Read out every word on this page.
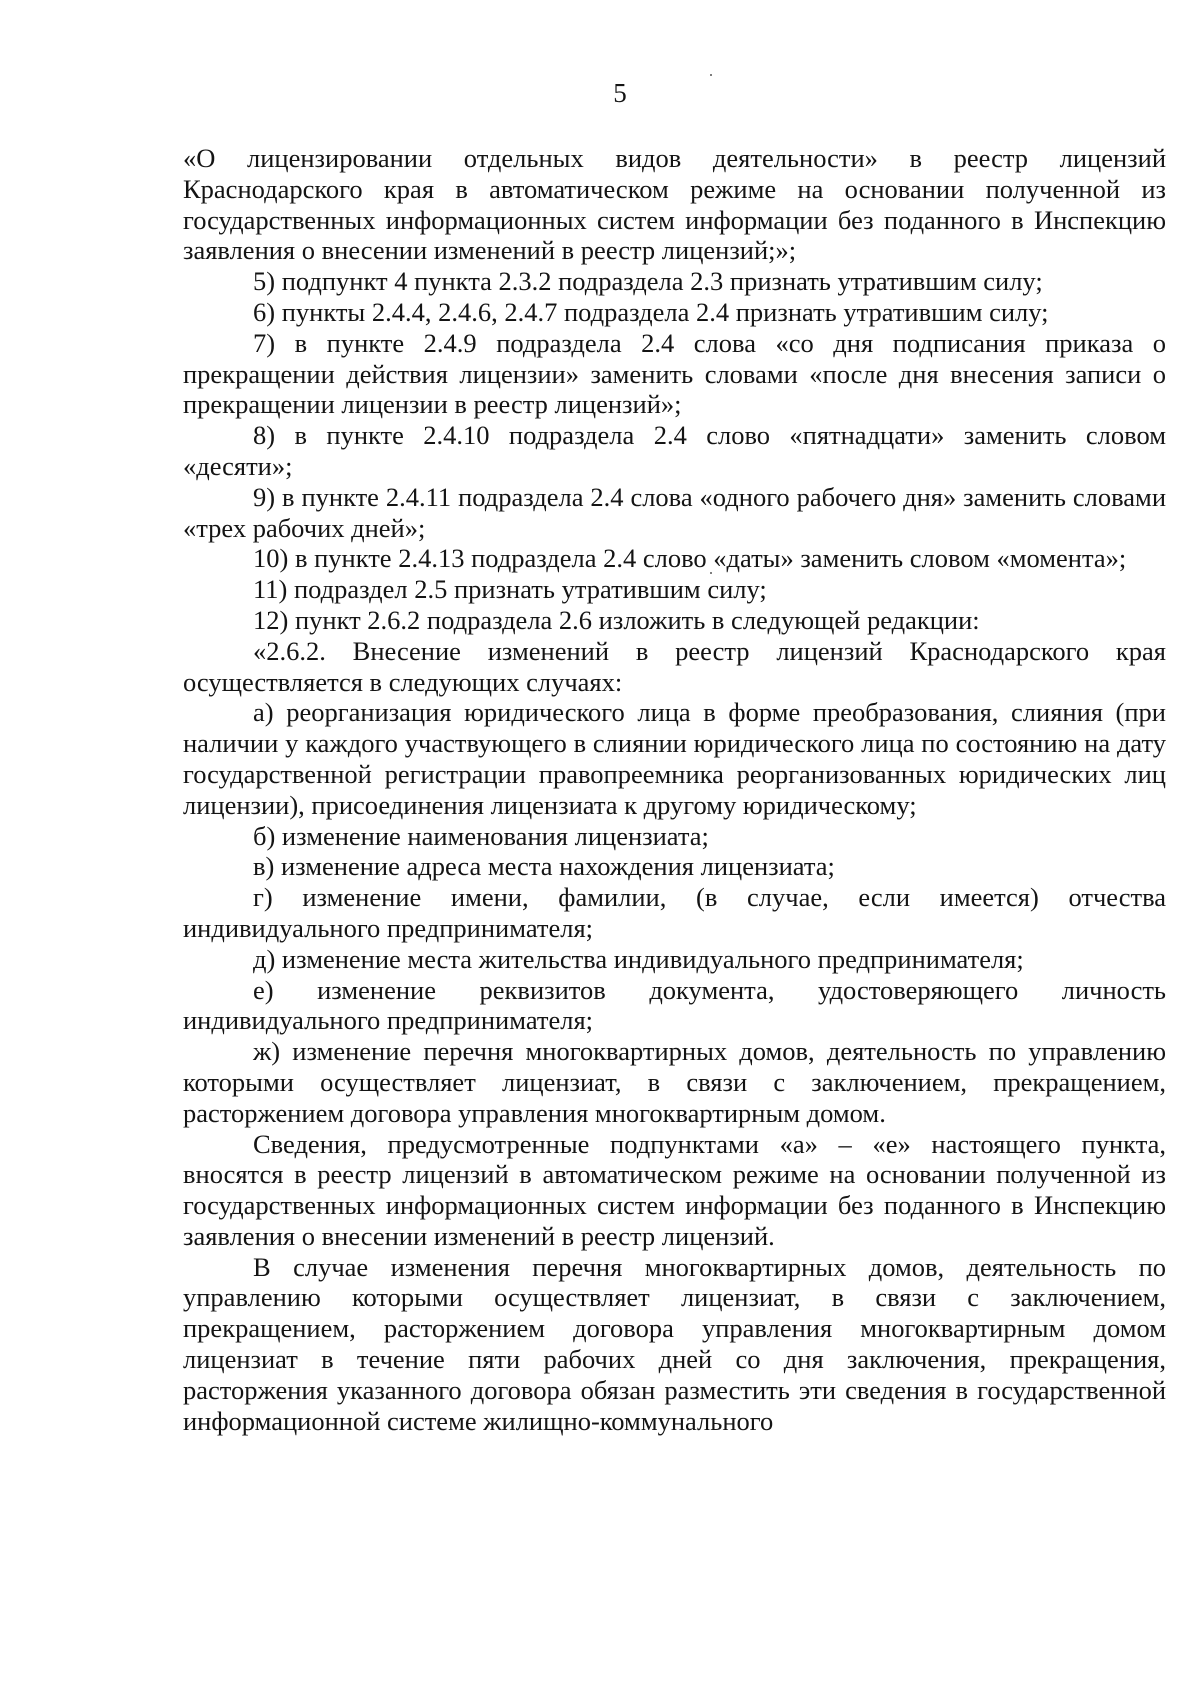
5

«О лицензировании отдельных видов деятельности» в реестр лицензий Краснодарского края в автоматическом режиме на основании полученной из государственных информационных систем информации без поданного в Инспекцию заявления о внесении изменений в реестр лицензий;»;

5) подпункт 4 пункта 2.3.2 подраздела 2.3 признать утратившим силу;

6) пункты 2.4.4, 2.4.6, 2.4.7 подраздела 2.4 признать утратившим силу;

7) в пункте 2.4.9 подраздела 2.4 слова «со дня подписания приказа о прекращении действия лицензии» заменить словами «после дня внесения записи о прекращении лицензии в реестр лицензий»;

8) в пункте 2.4.10 подраздела 2.4 слово «пятнадцати» заменить словом «десяти»;

9) в пункте 2.4.11 подраздела 2.4 слова «одного рабочего дня» заменить словами «трех рабочих дней»;

10) в пункте 2.4.13 подраздела 2.4 слово «даты» заменить словом «момента»;

11) подраздел 2.5 признать утратившим силу;

12) пункт 2.6.2 подраздела 2.6 изложить в следующей редакции:

«2.6.2. Внесение изменений в реестр лицензий Краснодарского края осуществляется в следующих случаях:

а) реорганизация юридического лица в форме преобразования, слияния (при наличии у каждого участвующего в слиянии юридического лица по состоянию на дату государственной регистрации правопреемника реорганизованных юридических лиц лицензии), присоединения лицензиата к другому юридическому;

б) изменение наименования лицензиата;

в) изменение адреса места нахождения лицензиата;

г) изменение имени, фамилии, (в случае, если имеется) отчества индивидуального предпринимателя;

д) изменение места жительства индивидуального предпринимателя;

е) изменение реквизитов документа, удостоверяющего личность индивидуального предпринимателя;

ж) изменение перечня многоквартирных домов, деятельность по управлению которыми осуществляет лицензиат, в связи с заключением, прекращением, расторжением договора управления многоквартирным домом.

Сведения, предусмотренные подпунктами «а» – «е» настоящего пункта, вносятся в реестр лицензий в автоматическом режиме на основании полученной из государственных информационных систем информации без поданного в Инспекцию заявления о внесении изменений в реестр лицензий.

В случае изменения перечня многоквартирных домов, деятельность по управлению которыми осуществляет лицензиат, в связи с заключением, прекращением, расторжением договора управления многоквартирным домом лицензиат в течение пяти рабочих дней со дня заключения, прекращения, расторжения указанного договора обязан разместить эти сведения в государственной информационной системе жилищно-коммунального
